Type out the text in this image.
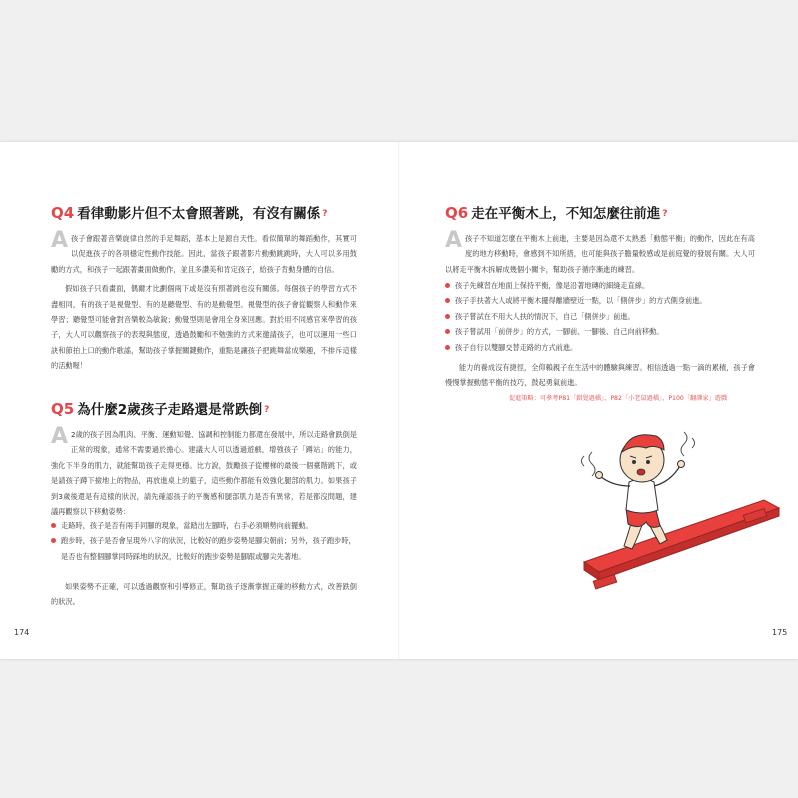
Q4 看律動影片但不太會照著跳，有沒有關係 ?

A孩子會跟著音樂旋律自然的手足舞蹈，基本上是源自天性。看似簡單的舞蹈動作，其實可以促進孩子的各項穩定性動作技能。因此，當孩子跟著影片動動跳跳時，大人可以多用鼓勵的方式，和孩子一起跟著畫面做動作，並且多讚美和肯定孩子，給孩子肯動身體的自信。

假如孩子只看畫面，偶爾才比劃個兩下或是沒有照著跳也沒有關係。每個孩子的學習方式不盡相同，有的孩子是視覺型、有的是聽覺型、有的是動覺型。視覺型的孩子會從觀察人和動作來學習；聽覺型可能會對音樂較為敏銳；動覺型則是會用全身來回應。對於用不同感官來學習的孩子，大人可以觀察孩子的表現與態度，透過鼓勵和不勉強的方式來邀請孩子，也可以運用一些口訣和節拍上口的動作歌謠，幫助孩子掌握關鍵動作，重點是讓孩子把跳舞當成樂趣，不排斥這樣的活動喔！

Q5 為什麼2歲孩子走路還是常跌倒 ?

A 2歲的孩子因為肌肉、平衡、運動知覺、協調和控制能力都還在發展中，所以走路會跌倒是正常的現象，通常不需要過於擔心。建議大人可以透過遊戲，增強孩子「蹲站」的能力，強化下半身的肌力，就能幫助孩子走得更穩。比方說，鼓勵孩子從樓梯的最後一個臺階跳下，或是請孩子蹲下撿地上的物品，再放進桌上的籃子，這些動作都能有效強化腿部的肌力。如果孩子到3歲後還是有這樣的狀況，請先確認孩子的平衡感和腿部肌力是否有異常，若是都沒問題，建議再觀察以下移動姿勢：

走路時，孩子是否有兩手同腳的現象，當踏出左腳時，右手必須順勢向前擺動。
跑步時，孩子是否會呈現外八字的狀況，比較好的跑步姿勢是腳尖朝前；另外，孩子跑步時，是否也有整個腳掌同時踩地的狀況，比較好的跑步姿勢是腳跟或腳尖先著地。
如果姿勢不正確，可以透過觀察和引導修正，幫助孩子逐漸掌握正確的移動方式，改善跌倒的狀況。
174
Q6 走在平衡木上，不知怎麼往前進 ?

A孩子不知道怎麼在平衡木上前進，主要是因為還不太熟悉「動態平衡」的動作，因此在有高度的地方移動時，會感到不知所措，也可能與孩子膽量較感或是前庭覺的發展有關。大人可以將走平衡木拆解成幾個小關卡，幫助孩子循序漸進的練習。

孩子先練習在地面上保持平衡，像是沿著地磚的細縫走直線。
孩子手扶著大人或將平衡木擺得離牆壁近一點，以「側併步」的方式側身前進。
孩子嘗試在不用大人扶的情況下，自己「側併步」前進。
孩子嘗試用「前併步」的方式，一腳前、一腳後、自己向前移動。
孩子自行以雙腳交替走路的方式前進。
能力的養成沒有捷徑，全仰賴親子在生活中的體驗與練習。相信透過一點一滴的累積，孩子會慢慢掌握動態平衡的技巧，鼓起勇氣前進。
促進策略：可參考P81「錯覺過橋」、P82「小老鼠過橋」、P100「翻譯家」遊戲
175
